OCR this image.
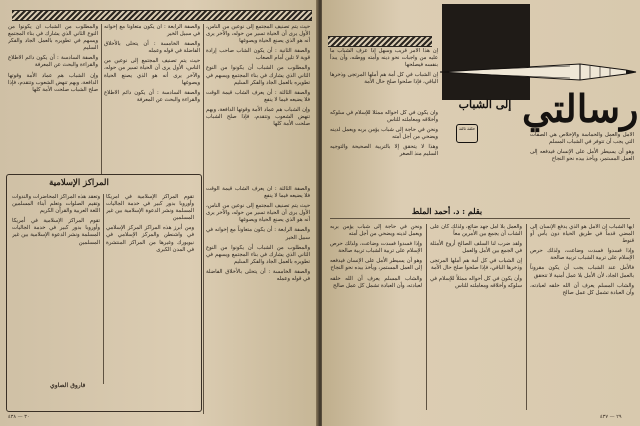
حيث يتم تصنيف المجتمع إلى نوعين من الناس، الأول يرى أن الحياة تسير من حوله، والآخر يرى أنه هو الذي يصنع الحياة ويصوغها

والصفة الثانية : أن يكون الشاب صاحب إرادة قوية لا تلين أمام الصعاب

والمطلوب من الشباب أن يكونوا من النوع الثاني الذي يشارك في بناء المجتمع ويسهم في تطويره بالعمل الجاد والفكر السليم

والصفة الثالثة : أن يعرف الشاب قيمة الوقت فلا يضيعه فيما لا ينفع

وإن الشباب هم عماد الأمة وقوتها الدافعة، وبهم تنهض الشعوب وتتقدم، فإذا صلح الشباب صلحت الأمة كلها

والصفة الرابعة : أن يكون متعاوناً مع إخوانه في سبيل الخير

والصفة الخامسة : أن يتحلى بالأخلاق الفاضلة في قوله وعمله

حيث يتم تصنيف المجتمع إلى نوعين من الناس، الأول يرى أن الحياة تسير من حوله، والآخر يرى أنه هو الذي يصنع الحياة ويصوغها

والصفة السادسة : أن يكون دائم الاطلاع والقراءة والبحث عن المعرفة

والمطلوب من الشباب أن يكونوا من النوع الثاني الذي يشارك في بناء المجتمع ويسهم في تطويره بالعمل الجاد والفكر السليم

والصفة السادسة : أن يكون دائم الاطلاع والقراءة والبحث عن المعرفة

وإن الشباب هم عماد الأمة وقوتها الدافعة، وبهم تنهض الشعوب وتتقدم، فإذا صلح الشباب صلحت الأمة كلها

المراكز الإسلامية

تقوم المراكز الإسلامية في أمريكا وأوروبا بدور كبير في خدمة الجاليات المسلمة ونشر الدعوة الإسلامية بين غير المسلمين

ومن أبرز هذه المراكز المركز الإسلامي في واشنطن والمركز الإسلامي في نيويورك وغيرها من المراكز المنتشرة في المدن الكبرى

وتعقد هذه المراكز المحاضرات والندوات وتقيم الصلوات وتعلم أبناء المسلمين اللغة العربية والقرآن الكريم

تقوم المراكز الإسلامية في أمريكا وأوروبا بدور كبير في خدمة الجاليات المسلمة ونشر الدعوة الإسلامية بين غير المسلمين

فاروق الصاوي

والصفة الثالثة : أن يعرف الشاب قيمة الوقت فلا يضيعه فيما لا ينفع

حيث يتم تصنيف المجتمع إلى نوعين من الناس، الأول يرى أن الحياة تسير من حوله، والآخر يرى أنه هو الذي يصنع الحياة ويصوغها

والصفة الرابعة : أن يكون متعاوناً مع إخوانه في سبيل الخير

والمطلوب من الشباب أن يكونوا من النوع الثاني الذي يشارك في بناء المجتمع ويسهم في تطويره بالعمل الجاد والفكر السليم

والصفة الخامسة : أن يتحلى بالأخلاق الفاضلة في قوله وعمله

٣٠ — ٤٣٨

إن هذا الأمر قريب وسهل إذا عرف الشباب ما عليه من واجبات نحو دينه وأمته ووطنه، وأن يبدأ بنفسه فيصلحها

إن الشباب في كل أمة هم أملها المرتجى وذخرها الباقي، فإذا صلحوا صلح حال الأمة

رسالتي
إلى الشباب
حلقة ثالثة

وأن يكون في كل أحواله ممثلاً للإسلام في سلوكه وأخلاقه ومعاملته للناس

ونحن في حاجة إلى شباب يؤمن بربه ويعمل لدينه ويضحي من أجل أمته

وهذا لا يتحقق إلا بالتربية الصحيحة والتوجيه السليم منذ الصغر

الأمل والعمل والحماسة والإخلاص هي الصفات التي يجب أن تتوفر في الشباب المسلم

وهو أن يسيطر الأمل على الإنسان فيدفعه إلى العمل المستمر، ويأخذ بيده نحو النجاح

بقلم : د. أحمد الملط

أيها الشباب إن الأمل هو الذي يدفع الإنسان إلى المضي قدماً في طريق الحياة دون يأس أو قنوط

وإذا فسدوا فسدت وضاعت، ولذلك حرص الإسلام على تربية الشباب تربية صالحة

فالأمل عند الشباب يجب أن يكون مقروناً بالعمل الجاد، لأن الأمل بلا عمل أمنية لا تتحقق

والشاب المسلم يعرف أن الله خلقه لعبادته، وأن العبادة تشمل كل عمل صالح

والعمل بلا أمل جهد ضائع، ولذلك كان على الشاب أن يجمع بين الأمرين معاً

ولقد ضرب لنا السلف الصالح أروع الأمثلة في الجمع بين الأمل والعمل

إن الشباب في كل أمة هم أملها المرتجى وذخرها الباقي، فإذا صلحوا صلح حال الأمة

وأن يكون في كل أحواله ممثلاً للإسلام في سلوكه وأخلاقه ومعاملته للناس

ونحن في حاجة إلى شباب يؤمن بربه ويعمل لدينه ويضحي من أجل أمته

وإذا فسدوا فسدت وضاعت، ولذلك حرص الإسلام على تربية الشباب تربية صالحة

وهو أن يسيطر الأمل على الإنسان فيدفعه إلى العمل المستمر، ويأخذ بيده نحو النجاح

والشاب المسلم يعرف أن الله خلقه لعبادته، وأن العبادة تشمل كل عمل صالح

٢٩ — ٤٣٧
